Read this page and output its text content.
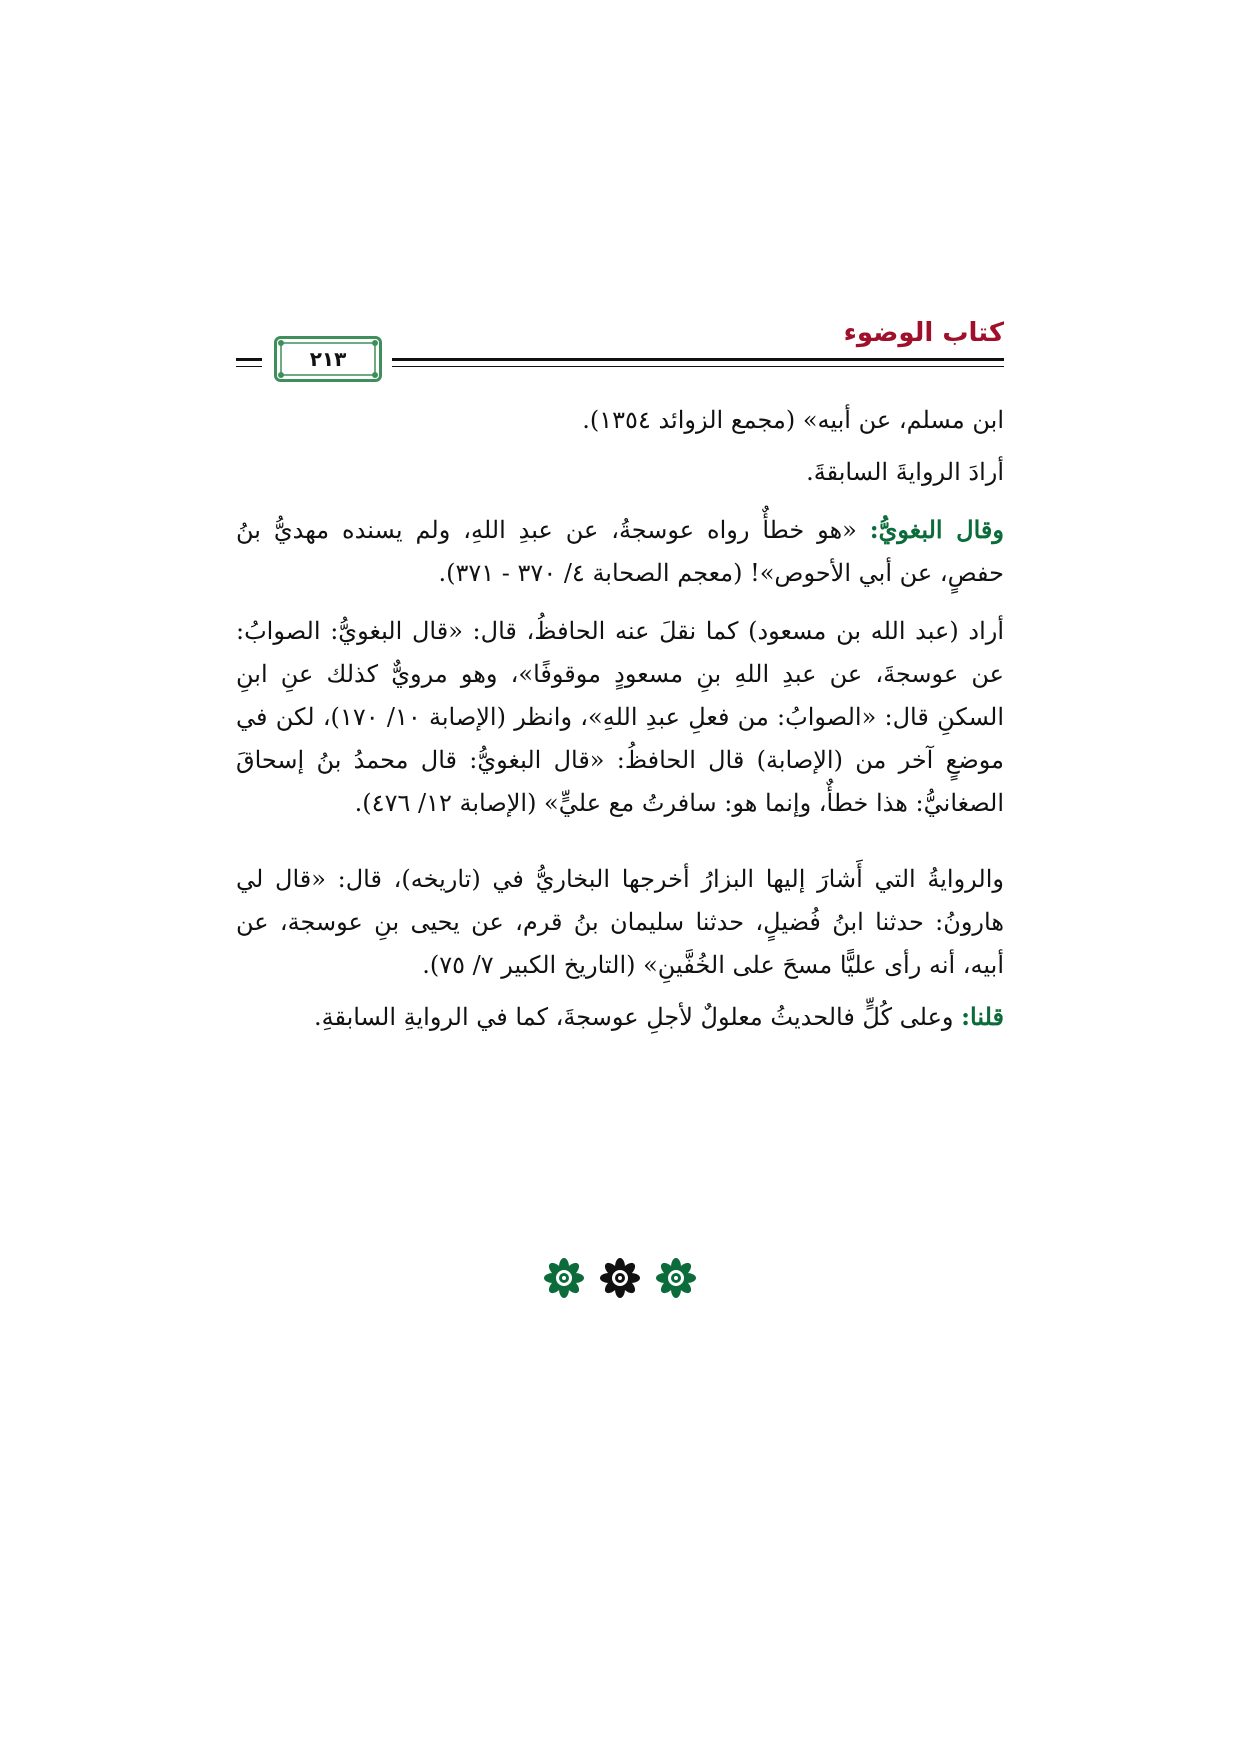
٢١٣
كتاب الوضوء

ابن مسلم، عن أبيه» (مجمع الزوائد ١٣٥٤).

أرادَ الروايةَ السابقةَ.

وقال البغويُّ: «هو خطأٌ رواه عوسجةُ، عن عبدِ اللهِ، ولم يسنده مهديُّ بنُ حفصٍ، عن أبي الأحوص»! (معجم الصحابة ٤/ ٣٧٠ - ٣٧١).

أراد (عبد الله بن مسعود) كما نقلَ عنه الحافظُ، قال: «قال البغويُّ: الصوابُ: عن عوسجةَ، عن عبدِ اللهِ بنِ مسعودٍ موقوفًا»، وهو مرويٌّ كذلك عنِ ابنِ السكنِ قال: «الصوابُ: من فعلِ عبدِ اللهِ»، وانظر (الإصابة ١٠/ ١٧٠)، لكن في موضعٍ آخر من (الإصابة) قال الحافظُ: «قال البغويُّ: قال محمدُ بنُ إسحاقَ الصغانيُّ: هذا خطأٌ، وإنما هو: سافرتُ مع عليٍّ» (الإصابة ١٢/ ٤٧٦).

والروايةُ التي أَشارَ إليها البزارُ أخرجها البخاريُّ في (تاريخه)، قال: «قال لي هارونُ: حدثنا ابنُ فُضيلٍ، حدثنا سليمان بنُ قرم، عن يحيى بنِ عوسجة، عن أبيه، أنه رأى عليًّا مسحَ على الخُفَّينِ» (التاريخ الكبير ٧/ ٧٥).

قلنا: وعلى كُلٍّ فالحديثُ معلولٌ لأجلِ عوسجةَ، كما في الروايةِ السابقةِ.
